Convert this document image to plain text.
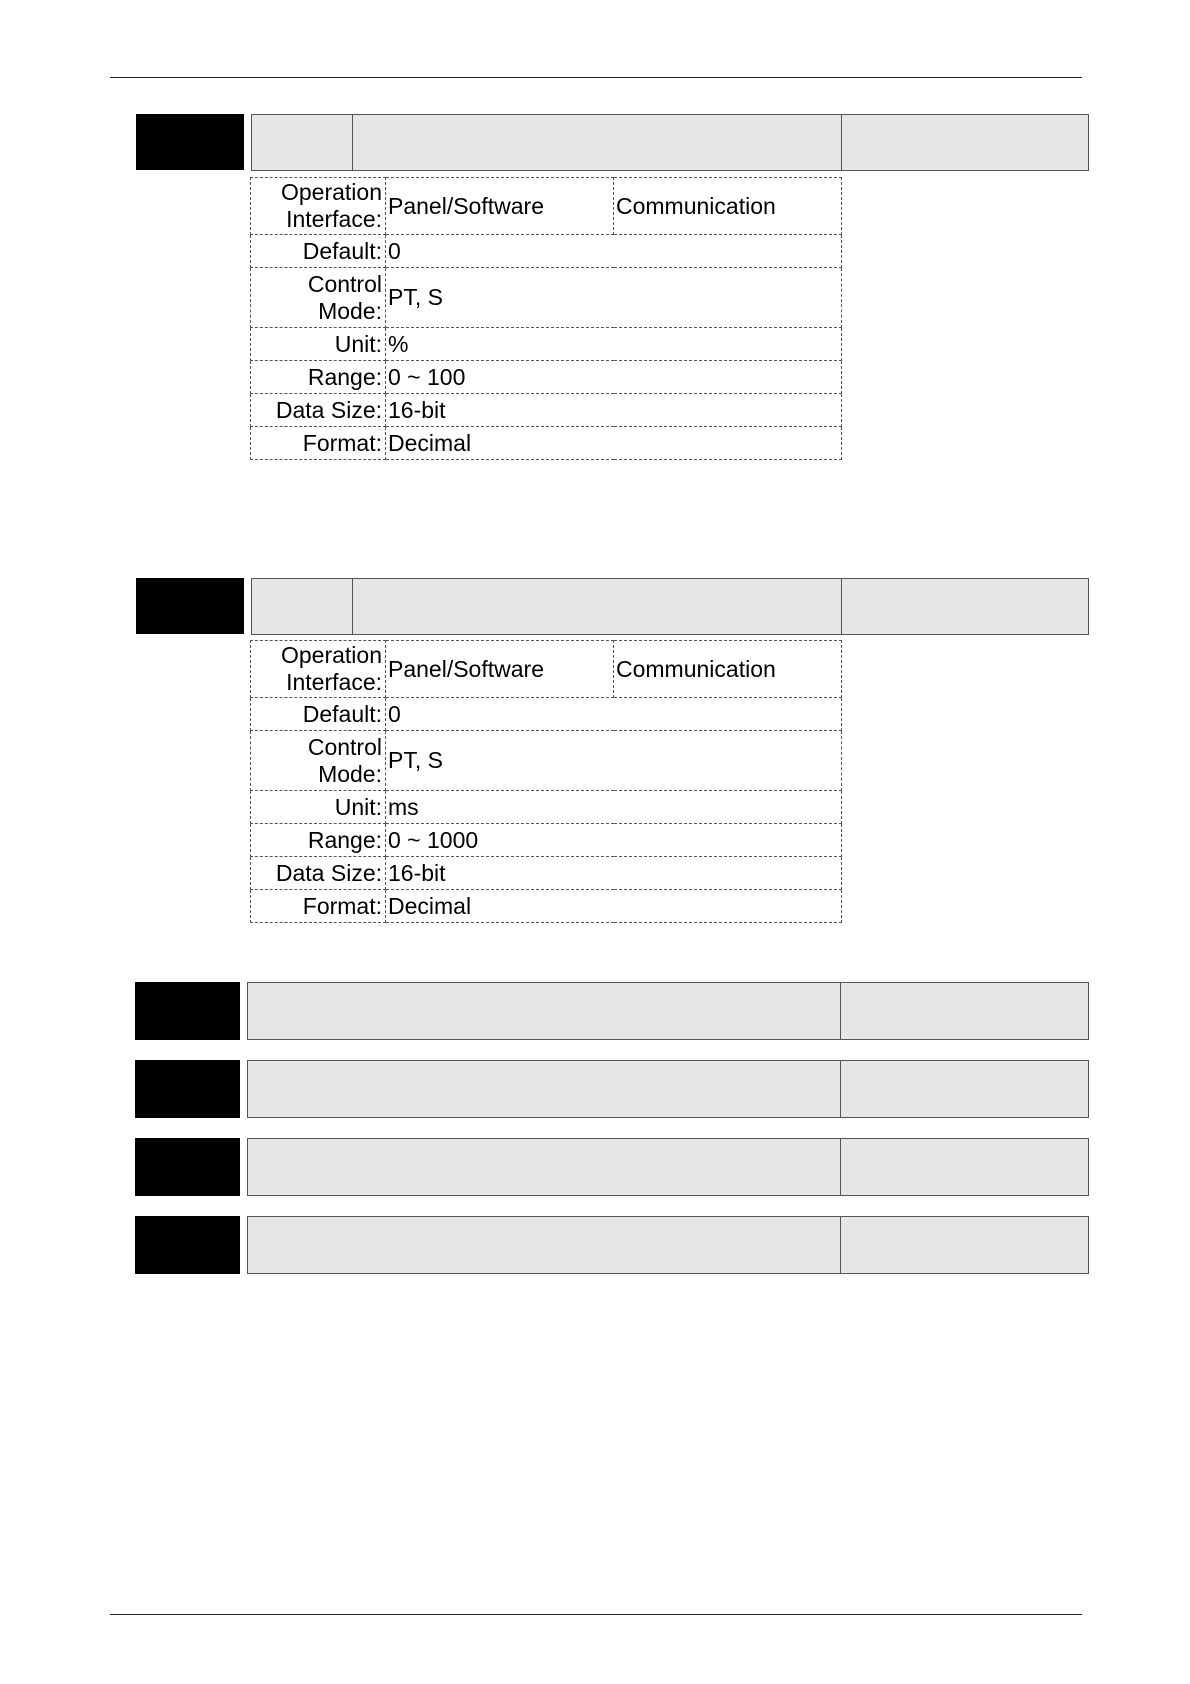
Operation Interface:	Panel/Software	Communication
Default:	0	
Control Mode:	PT, S	
Unit:	%	
Range:	0 ~ 100	
Data Size:	16-bit	
Format:	Decimal	
Operation Interface:	Panel/Software	Communication
Default:	0	
Control Mode:	PT, S	
Unit:	ms	
Range:	0 ~ 1000	
Data Size:	16-bit	
Format:	Decimal	
